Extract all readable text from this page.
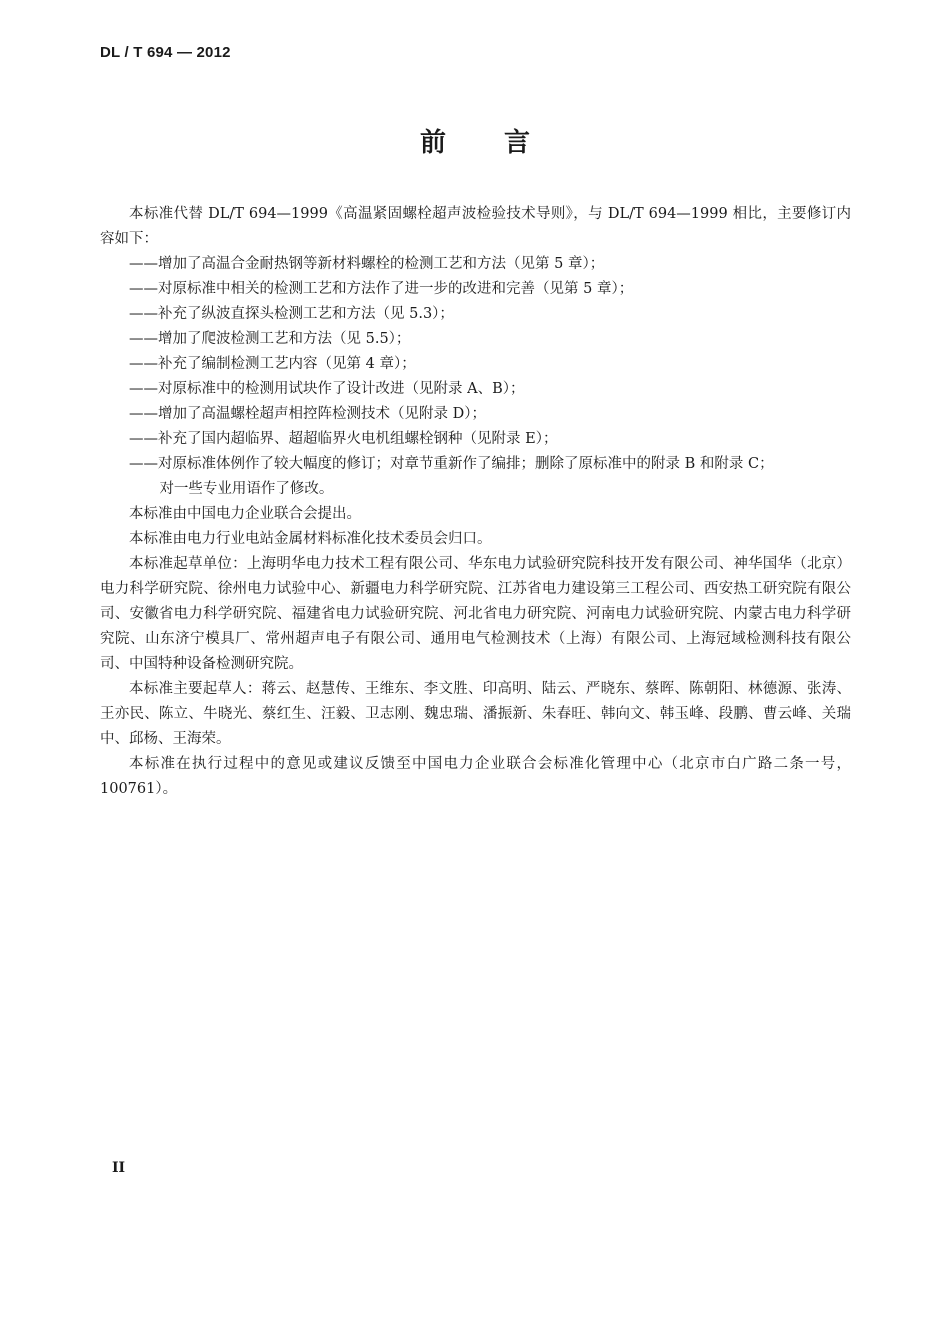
DL / T 694 — 2012
前言

本标准代替 DL/T 694—1999《高温紧固螺栓超声波检验技术导则》，与 DL/T 694—1999 相比，主要修订内容如下：

——增加了高温合金耐热钢等新材料螺栓的检测工艺和方法（见第 5 章）；

——对原标准中相关的检测工艺和方法作了进一步的改进和完善（见第 5 章）；

——补充了纵波直探头检测工艺和方法（见 5.3）；

——增加了爬波检测工艺和方法（见 5.5）；

——补充了编制检测工艺内容（见第 4 章）；

——对原标准中的检测用试块作了设计改进（见附录 A、B）；

——增加了高温螺栓超声相控阵检测技术（见附录 D）；

——补充了国内超临界、超超临界火电机组螺栓钢种（见附录 E）；

——对原标准体例作了较大幅度的修订；对章节重新作了编排；删除了原标准中的附录 B 和附录 C；
对一些专业用语作了修改。

本标准由中国电力企业联合会提出。

本标准由电力行业电站金属材料标准化技术委员会归口。

本标准起草单位：上海明华电力技术工程有限公司、华东电力试验研究院科技开发有限公司、神华国华（北京）电力科学研究院、徐州电力试验中心、新疆电力科学研究院、江苏省电力建设第三工程公司、西安热工研究院有限公司、安徽省电力科学研究院、福建省电力试验研究院、河北省电力研究院、河南电力试验研究院、内蒙古电力科学研究院、山东济宁模具厂、常州超声电子有限公司、通用电气检测技术（上海）有限公司、上海冠域检测科技有限公司、中国特种设备检测研究院。

本标准主要起草人：蒋云、赵慧传、王维东、李文胜、印高明、陆云、严晓东、蔡晖、陈朝阳、林德源、张涛、王亦民、陈立、牛晓光、蔡红生、汪毅、卫志刚、魏忠瑞、潘振新、朱春旺、韩向文、韩玉峰、段鹏、曹云峰、关瑞中、邱杨、王海荣。

本标准在执行过程中的意见或建议反馈至中国电力企业联合会标准化管理中心（北京市白广路二条一号，100761）。

II
